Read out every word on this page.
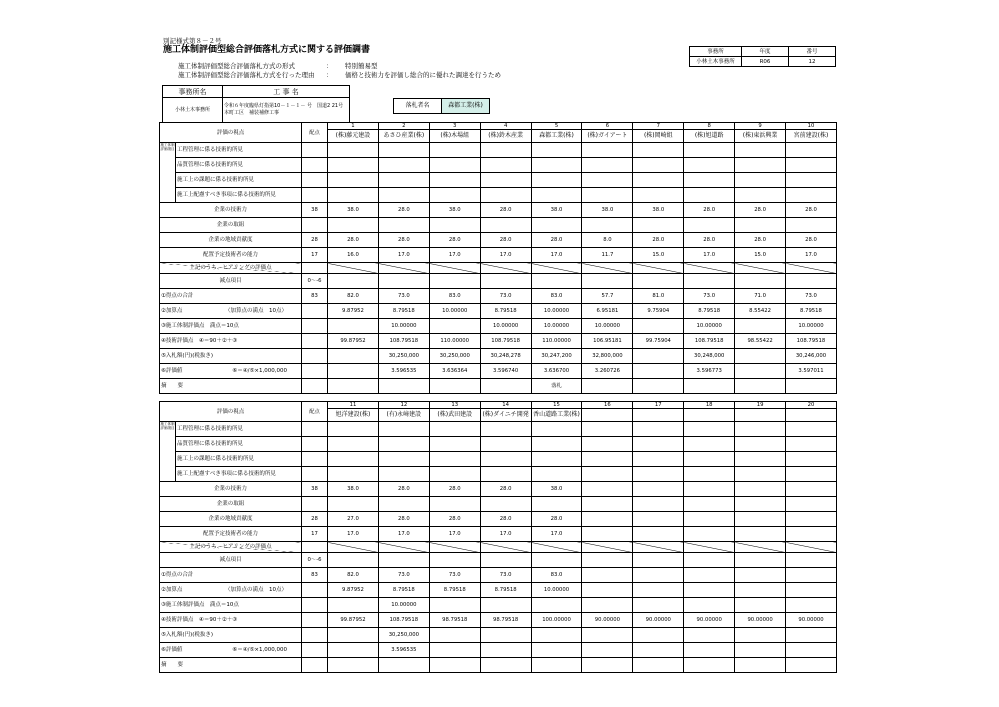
別記様式第８－２号
施工体制評価型総合評価落札方式に関する評価調書
施工体制評価型総合評価落札方式の形式	： 特別簡易型
施工体制評価型総合評価落札方式を行った理由 ： 価格と技術力を評価し総合的に優れた調達を行うため
事務所	年度	番号
小林土木事務所	R06	12
事務所名	工 事 名
小林土木事務所	令和６年度臨県灯指第10－１－１－ 号　国道2 21号　本町工区　補装補修工事
落札者名	森都工業(株)
評価の視点		配点	1	2	3	4	5	6	7	8	9	10
			(株)藤元建設	あさひ産業(株)	(株)木場組	(株)鈴木産業	森都工業(株)	(株)ガイアート	(株)岡崎組	(株)旭道路	(株)東浜興業	宮前建設(株)
施工体制評価項目	工程管理に係る技術的所見											
	品質管理に係る技術的所見											
	施工上の課題に係る技術的所見											
	施工上配慮すべき事項に係る技術的所見											
企業の技術力		38	38.0	28.0	38.0	28.0	38.0	38.0	38.0	28.0	28.0	28.0
企業の取組												
企業の地域貢献度		28	28.0	28.0	28.0	28.0	28.0	8.0	28.0	28.0	28.0	28.0
配置予定技術者の能力		17	16.0	17.0	17.0	17.0	17.0	11.7	15.0	17.0	15.0	17.0
上記のうち、ヒアリングの評価点												
減点項目		0～-6										
①得点の合計		83	82.0	73.0	83.0	73.0	83.0	57.7	81.0	73.0	71.0	73.0
②加算点 （加算点の満点　10点）			9.87952	8.79518	10.00000	8.79518	10.00000	6.95181	9.75904	8.79518	8.55422	8.79518
③施工体制評価点　満点＝10点				10.00000		10.00000	10.00000	10.00000		10.00000		10.00000
④技術評価点　④＝90＋②＋③			99.87952	108.79518	110.00000	108.79518	110.00000	106.95181	99.75904	108.79518	98.55422	108.79518
⑤入札額(円)(税抜き)				30,250,000	30,250,000	30,248,278	30,247,200	32,800,000		30,248,000		30,246,000
⑥評価値 ⑥＝④/⑤×1,000,000				3.596535	3.636364	3.596740	3.636700	3.260726		3.596773		3.597011
摘　　要							落札					
評価の視点		配点	11	12	13	14	15	16	17	18	19	20
			旭洋建設(株)	(有)永﨑建設	(株)武田建設	(株)ダイニチ開発	香山道路工業(株)					
施工体制評価項目	工程管理に係る技術的所見											
	品質管理に係る技術的所見											
	施工上の課題に係る技術的所見											
	施工上配慮すべき事項に係る技術的所見											
企業の技術力		38	38.0	28.0	28.0	28.0	38.0					
企業の取組												
企業の地域貢献度		28	27.0	28.0	28.0	28.0	28.0					
配置予定技術者の能力		17	17.0	17.0	17.0	17.0	17.0					
上記のうち、ヒアリングの評価点												
減点項目		0～-6										
①得点の合計		83	82.0	73.0	73.0	73.0	83.0					
②加算点 （加算点の満点　10点）			9.87952	8.79518	8.79518	8.79518	10.00000					
③施工体制評価点　満点＝10点				10.00000								
④技術評価点　④＝90＋②＋③			99.87952	108.79518	98.79518	98.79518	100.00000	90.00000	90.00000	90.00000	90.00000	90.00000
⑤入札額(円)(税抜き)				30,250,000								
⑥評価値 ⑥＝④/⑤×1,000,000				3.596535								
摘　　要												
